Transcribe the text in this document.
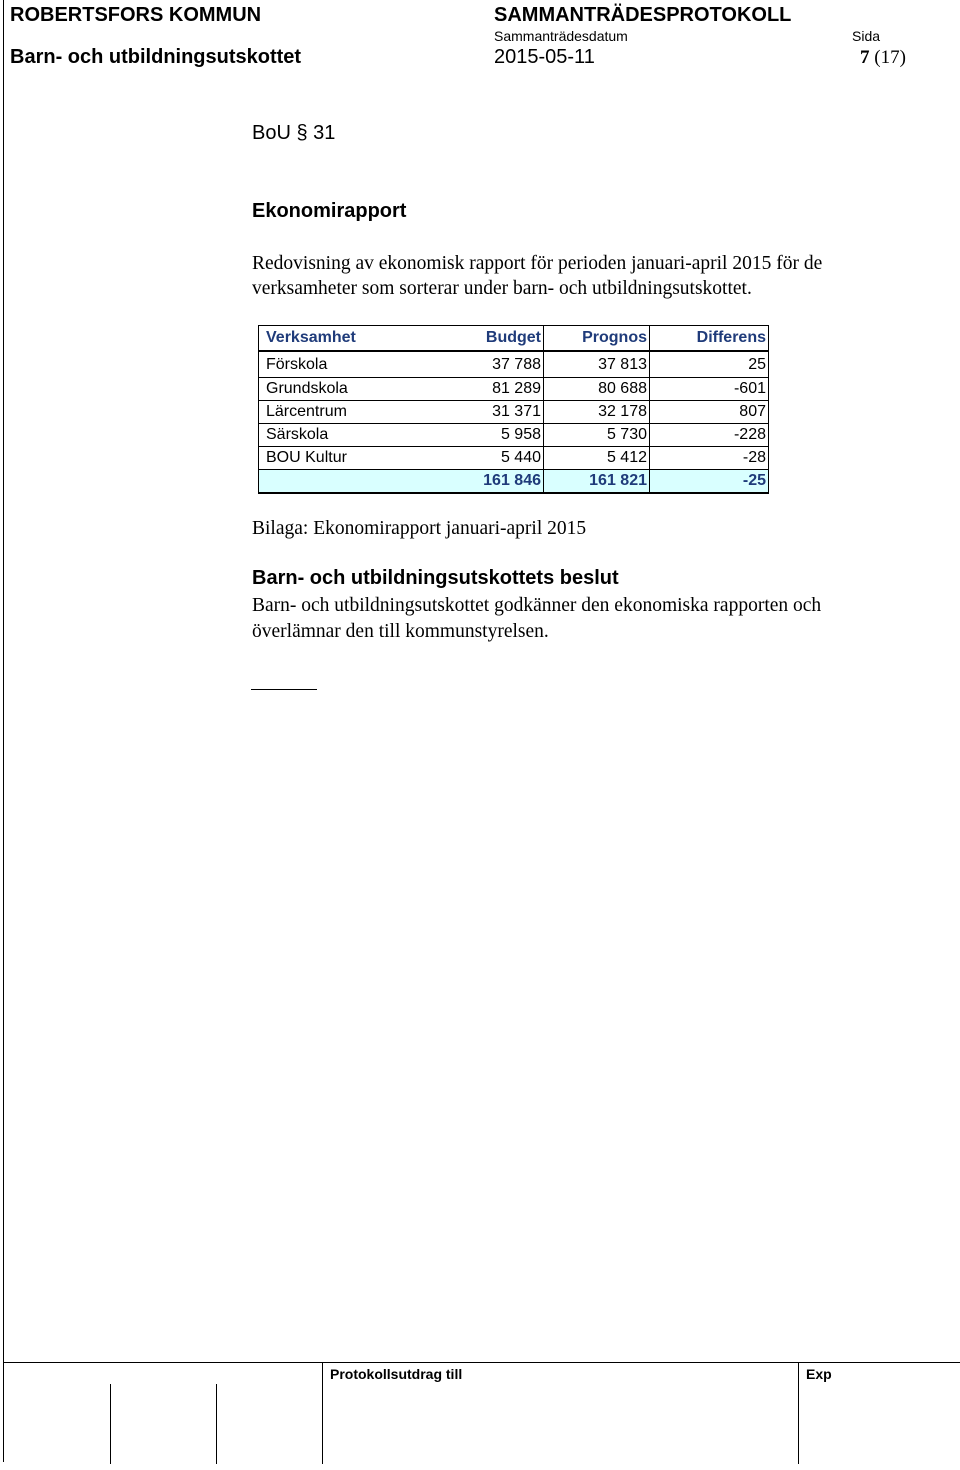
ROBERTSFORS KOMMUN	SAMMANTRÄDESPROTOKOLL
Sammanträdesdatum	Sida
Barn- och utbildningsutskottet	2015-05-11	7 (17)
BoU § 31
Ekonomirapport
Redovisning av ekonomisk rapport för perioden januari-april 2015 för de
verksamheter som sorterar under barn- och utbildningsutskottet.
Verksamhet	Budget	Prognos	Differens
Förskola	37 788	37 813	25
Grundskola	81 289	80 688	-601
Lärcentrum	31 371	32 178	807
Särskola	5 958	5 730	-228
BOU Kultur	5 440	5 412	-28
	161 846	161 821	-25
Bilaga: Ekonomirapport januari-april 2015
Barn- och utbildningsutskottets beslut
Barn- och utbildningsutskottet godkänner den ekonomiska rapporten och
överlämnar den till kommunstyrelsen.
Protokollsutdrag till	Exp
